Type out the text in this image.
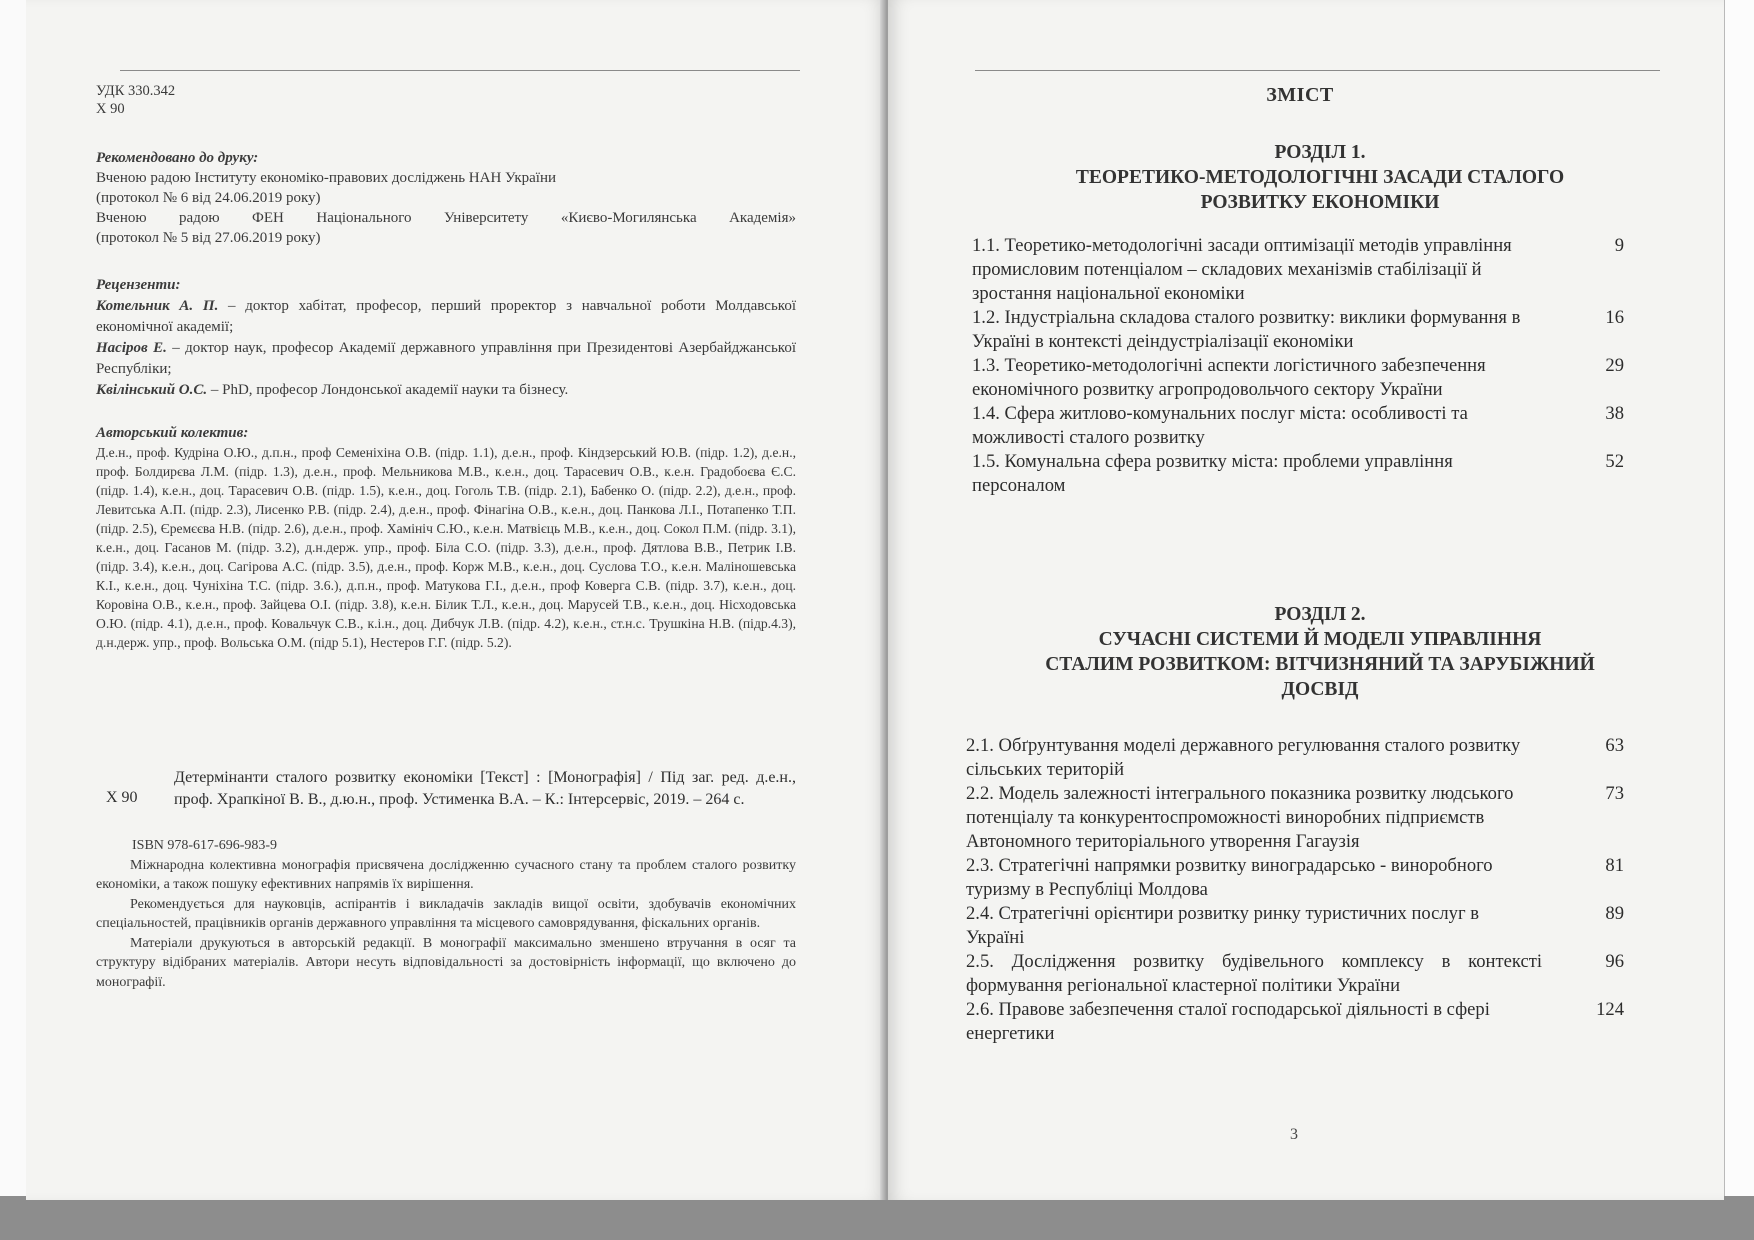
УДК 330.342
Х 90
Рекомендовано до друку:
Вченою радою Інституту економіко-правових досліджень НАН України
(протокол № 6 від 24.06.2019 року)
Вченою радою ФЕН Національного Університету «Києво-Могилянська Академія»
(протокол № 5 від 27.06.2019 року)
Рецензенти:
Котельник А. П. – доктор хабітат, професор, перший проректор з навчальної роботи Молдавської економічної академії;
Насіров Е. – доктор наук, професор Академії державного управління при Президентові Азербайджанської Республіки;
Квілінський О.С. – PhD, професор Лондонської академії науки та бізнесу.
Авторський колектив:
Д.е.н., проф. Кудріна О.Ю., д.п.н., проф Семеніхіна О.В. (підр. 1.1), д.е.н., проф. Кіндзерський Ю.В. (підр. 1.2), д.е.н., проф. Болдирєва Л.М. (підр. 1.3), д.е.н., проф. Мельникова М.В., к.е.н., доц. Тарасевич О.В., к.е.н. Градобоєва Є.С. (підр. 1.4), к.е.н., доц. Тарасевич О.В. (підр. 1.5), к.е.н., доц. Гоголь Т.В. (підр. 2.1), Бабенко О. (підр. 2.2), д.е.н., проф. Левитська А.П. (підр. 2.3), Лисенко Р.В. (підр. 2.4), д.е.н., проф. Фінагіна О.В., к.е.н., доц. Панкова Л.І., Потапенко Т.П. (підр. 2.5), Єремєєва Н.В. (підр. 2.6), д.е.н., проф. Хамініч С.Ю., к.е.н. Матвієць М.В., к.е.н., доц. Сокол П.М. (підр. 3.1), к.е.н., доц. Гасанов М. (підр. 3.2), д.н.держ. упр., проф. Біла С.О. (підр. 3.3), д.е.н., проф. Дятлова В.В., Петрик І.В. (підр. 3.4), к.е.н., доц. Сагірова А.С. (підр. 3.5), д.е.н., проф. Корж М.В., к.е.н., доц. Суслова Т.О., к.е.н. Маліношевська К.І., к.е.н., доц. Чуніхіна Т.С. (підр. 3.6.), д.п.н., проф. Матукова Г.І., д.е.н., проф Коверга С.В. (підр. 3.7), к.е.н., доц. Коровіна О.В., к.е.н., проф. Зайцева О.І. (підр. 3.8), к.е.н. Білик Т.Л., к.е.н., доц. Марусей Т.В., к.е.н., доц. Нісходовська О.Ю. (підр. 4.1), д.е.н., проф. Ковальчук С.В., к.і.н., доц. Дибчук Л.В. (підр. 4.2), к.е.н., ст.н.с. Трушкіна Н.В. (підр.4.3), д.н.держ. упр., проф. Вольська О.М. (підр 5.1), Нестеров Г.Г. (підр. 5.2).
Х 90
Детермінанти сталого розвитку економіки [Текст] : [Монографія] / Під заг. ред. д.е.н., проф. Храпкіної В. В., д.ю.н., проф. Устименка В.А. – К.: Інтерсервіс, 2019. – 264 с.

ISBN 978-617-696-983-9

Міжнародна колективна монографія присвячена дослідженню сучасного стану та проблем сталого розвитку економіки, а також пошуку ефективних напрямів їх вирішення.

Рекомендується для науковців, аспірантів і викладачів закладів вищої освіти, здобувачів економічних спеціальностей, працівників органів державного управління та місцевого самоврядування, фіскальних органів.

Матеріали друкуються в авторській редакції. В монографії максимально зменшено втручання в осяг та структуру відібраних матеріалів. Автори несуть відповідальності за достовірність інформації, що включено до монографії.

ЗМІСТ
РОЗДІЛ 1.
ТЕОРЕТИКО-МЕТОДОЛОГІЧНІ ЗАСАДИ СТАЛОГО
РОЗВИТКУ ЕКОНОМІКИ
1.1. Теоретико-методологічні засади оптимізації методів управління промисловим потенціалом – складових механізмів стабілізації й зростання національної економіки
9
1.2. Індустріальна складова сталого розвитку: виклики формування в Україні в контексті деіндустріалізації економіки
16
1.3. Теоретико-методологічні аспекти логістичного забезпечення економічного розвитку агропродовольчого сектору України
29
1.4. Сфера житлово-комунальних послуг міста: особливості та можливості сталого розвитку
38
1.5. Комунальна сфера розвитку міста: проблеми управління персоналом
52
РОЗДІЛ 2.
СУЧАСНІ СИСТЕМИ Й МОДЕЛІ УПРАВЛІННЯ
СТАЛИМ РОЗВИТКОМ: ВІТЧИЗНЯНИЙ ТА ЗАРУБІЖНИЙ
ДОСВІД
2.1. Обґрунтування моделі державного регулювання сталого розвитку сільських територій
63
2.2. Модель залежності інтегрального показника розвитку людського потенціалу та конкурентоспроможності виноробних підприємств Автономного територіального утворення Гагаузія
73
2.3. Стратегічні напрямки розвитку виноградарсько - виноробного туризму в Республіці Молдова
81
2.4. Стратегічні орієнтири розвитку ринку туристичних послуг в Україні
89
2.5. Дослідження розвитку будівельного комплексу в контексті формування регіональної кластерної політики України
96
2.6. Правове забезпечення сталої господарської діяльності в сфері енергетики
124
3
